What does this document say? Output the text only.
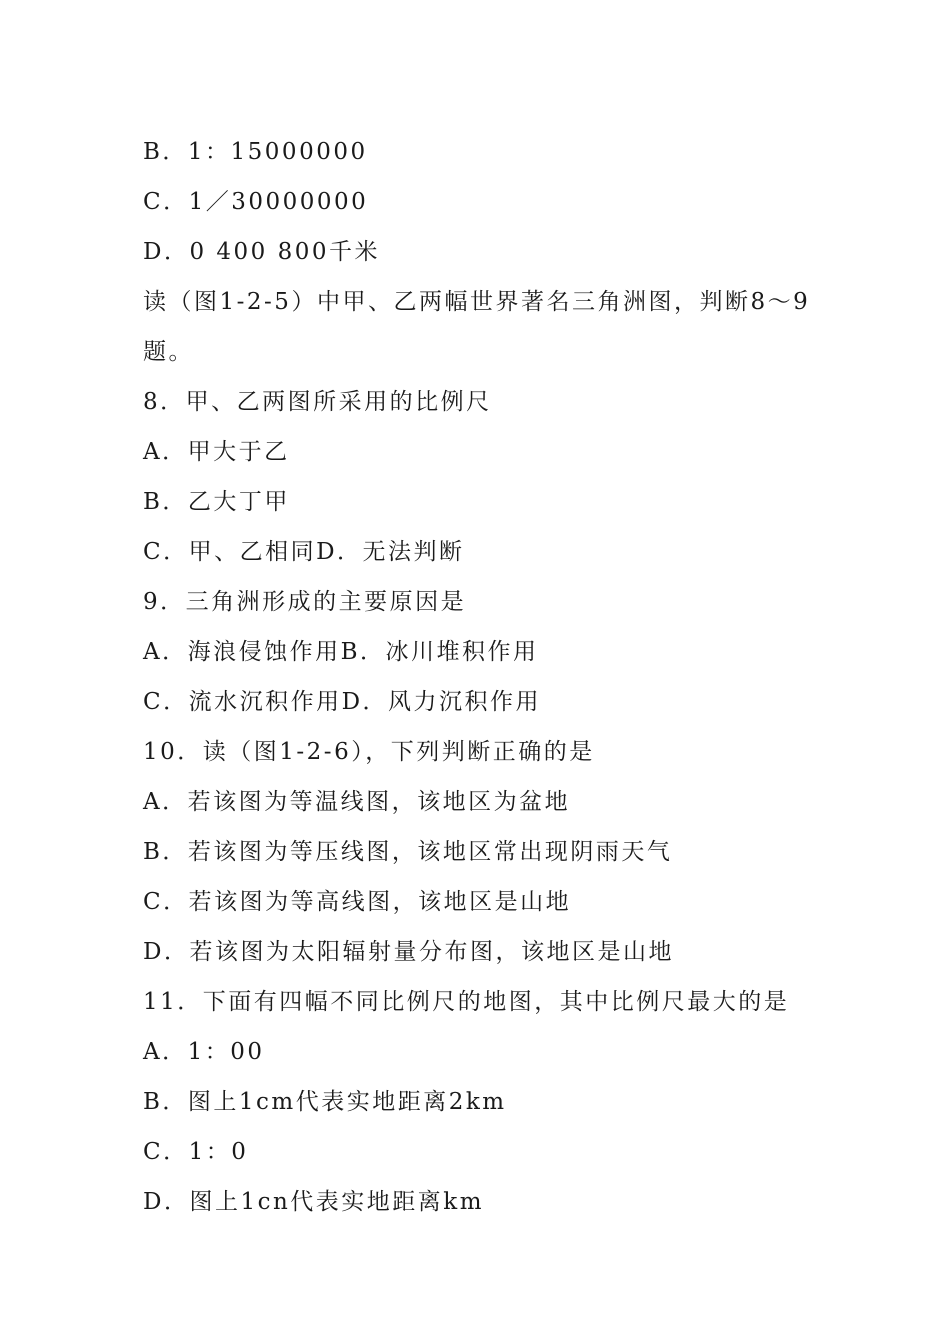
B．1：15000000
C．1／30000000
D．0 400 800千米
读（图1-2-5）中甲、乙两幅世界著名三角洲图，判断8～9
题。
8．甲、乙两图所采用的比例尺
A．甲大于乙
B．乙大丁甲
C．甲、乙相同D．无法判断
9．三角洲形成的主要原因是
A．海浪侵蚀作用B．冰川堆积作用
C．流水沉积作用D．风力沉积作用
10．读（图1-2-6），下列判断正确的是
A．若该图为等温线图，该地区为盆地
B．若该图为等压线图，该地区常出现阴雨天气
C．若该图为等高线图，该地区是山地
D．若该图为太阳辐射量分布图，该地区是山地
11．下面有四幅不同比例尺的地图，其中比例尺最大的是
A．1：00
B．图上1cm代表实地距离2km
C．1：0
D．图上1cn代表实地距离km
